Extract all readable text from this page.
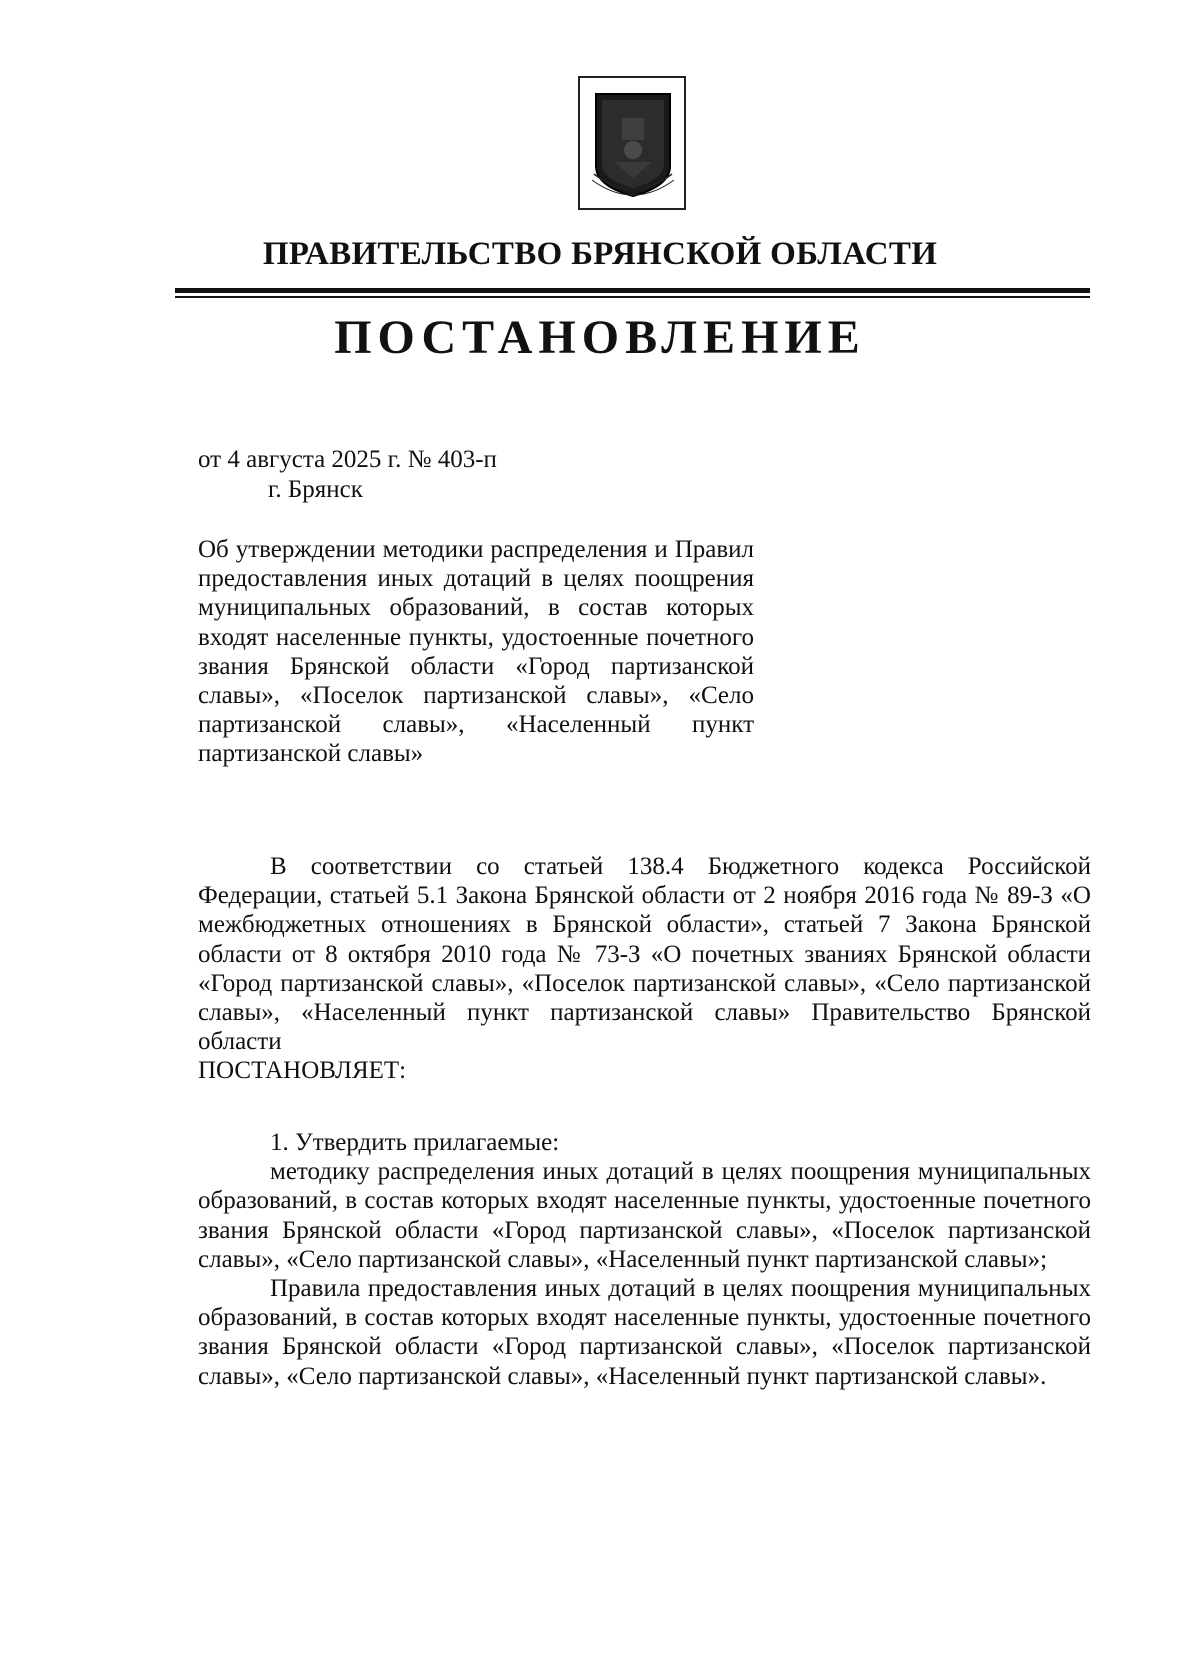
ПРАВИТЕЛЬСТВО БРЯНСКОЙ ОБЛАСТИ
ПОСТАНОВЛЕНИЕ
от 4 августа 2025 г. № 403-п
г. Брянск

Об утверждении методики распределения и Правил предоставления иных дотаций в целях поощрения муниципальных образований, в состав которых входят населенные пункты, удостоенные почетного звания Брянской области «Город партизанской славы», «Поселок партизанской славы», «Село партизанской славы», «Населенный пункт партизанской славы»

В соответствии со статьей 138.4 Бюджетного кодекса Российской Федерации, статьей 5.1 Закона Брянской области от 2 ноября 2016 года № 89-З «О межбюджетных отношениях в Брянской области», статьей 7 Закона Брянской области от 8 октября 2010 года № 73-З «О почетных званиях Брянской области «Город партизанской славы», «Поселок партизанской славы», «Село партизанской славы», «Населенный пункт партизанской славы» Правительство Брянской области

ПОСТАНОВЛЯЕТ:

1. Утвердить прилагаемые:

методику распределения иных дотаций в целях поощрения муниципальных образований, в состав которых входят населенные пункты, удостоенные почетного звания Брянской области «Город партизанской славы», «Поселок партизанской славы», «Село партизанской славы», «Населенный пункт партизанской славы»;

Правила предоставления иных дотаций в целях поощрения муниципальных образований, в состав которых входят населенные пункты, удостоенные почетного звания Брянской области «Город партизанской славы», «Поселок партизанской славы», «Село партизанской славы», «Населенный пункт партизанской славы».
